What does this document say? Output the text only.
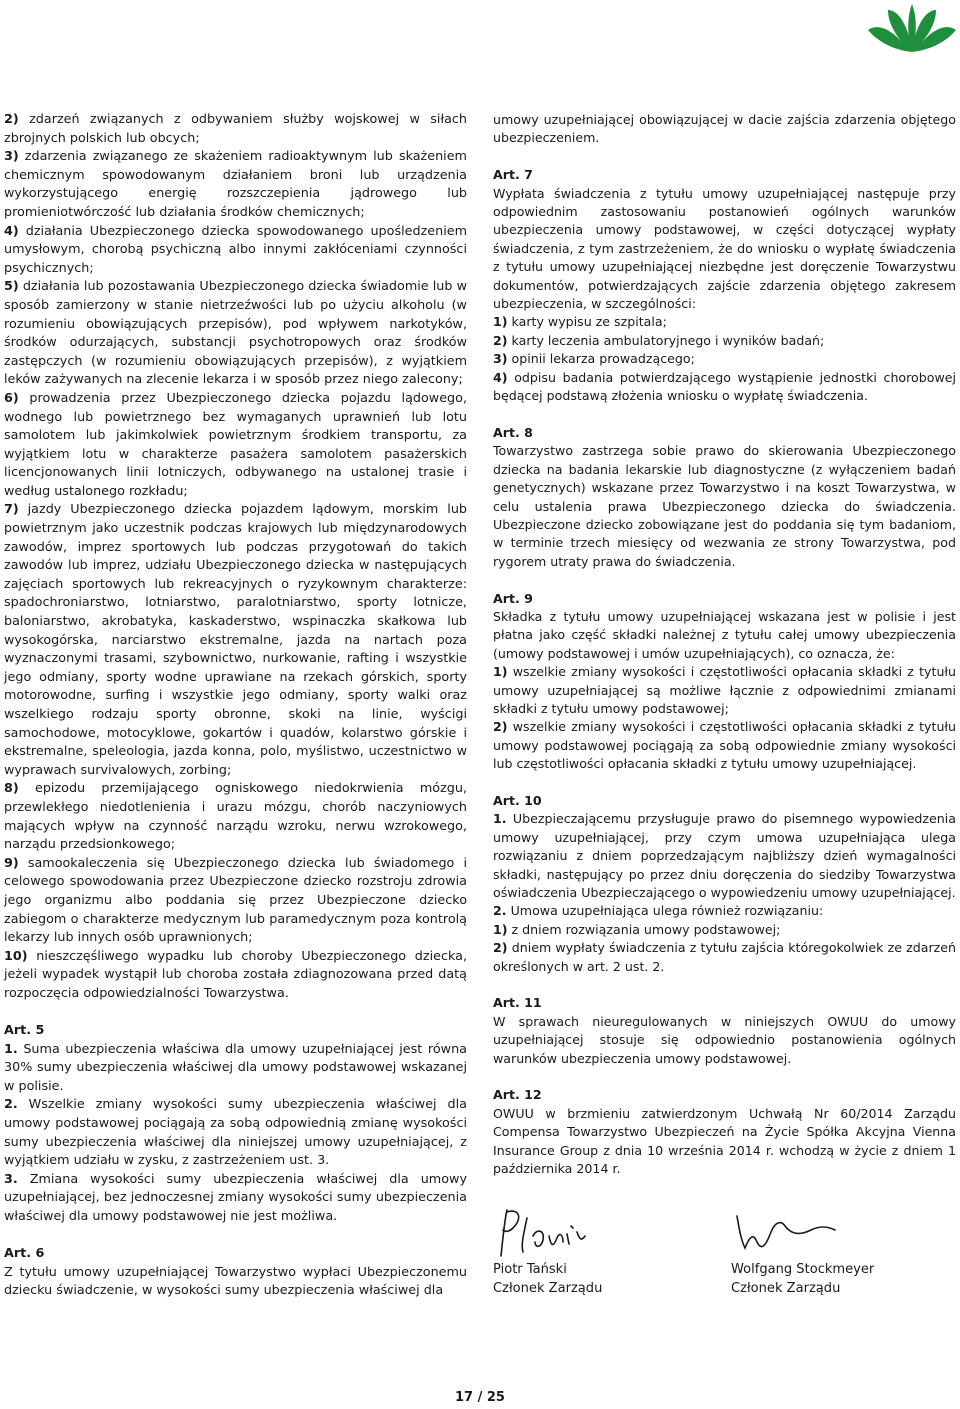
2) zdarzeń związanych z odbywaniem służby wojskowej w siłach zbrojnych polskich lub obcych;

3) zdarzenia związanego ze skażeniem radioaktywnym lub skażeniem chemicznym spowodowanym działaniem broni lub urządzenia wykorzystującego energię rozszczepienia jądrowego lub promieniotwórczość lub działania środków chemicznych;

4) działania Ubezpieczonego dziecka spowodowanego upośledzeniem umysłowym, chorobą psychiczną albo innymi zakłóceniami czynności psychicznych;

5) działania lub pozostawania Ubezpieczonego dziecka świadomie lub w sposób zamierzony w stanie nietrzeźwości lub po użyciu alkoholu (w rozumieniu obowiązujących przepisów), pod wpływem narkotyków, środków odurzających, substancji psychotropowych oraz środków zastępczych (w rozumieniu obowiązujących przepisów), z wyjątkiem leków zażywanych na zlecenie lekarza i w sposób przez niego zalecony;

6) prowadzenia przez Ubezpieczonego dziecka pojazdu lądowego, wodnego lub powietrznego bez wymaganych uprawnień lub lotu samolotem lub jakimkolwiek powietrznym środkiem transportu, za wyjątkiem lotu w charakterze pasażera samolotem pasażerskich licencjonowanych linii lotniczych, odbywanego na ustalonej trasie i według ustalonego rozkładu;

7) jazdy Ubezpieczonego dziecka pojazdem lądowym, morskim lub powietrznym jako uczestnik podczas krajowych lub międzynarodowych zawodów, imprez sportowych lub podczas przygotowań do takich zawodów lub imprez, udziału Ubezpieczonego dziecka w następujących zajęciach sportowych lub rekreacyjnych o ryzykownym charakterze: spadochroniarstwo, lotniarstwo, paralotniarstwo, sporty lotnicze, baloniarstwo, akrobatyka, kaskaderstwo, wspinaczka skałkowa lub wysokogórska, narciarstwo ekstremalne, jazda na nartach poza wyznaczonymi trasami, szybownictwo, nurkowanie, rafting i wszystkie jego odmiany, sporty wodne uprawiane na rzekach górskich, sporty motorowodne, surfing i wszystkie jego odmiany, sporty walki oraz wszelkiego rodzaju sporty obronne, skoki na linie, wyścigi samochodowe, motocyklowe, gokartów i quadów, kolarstwo górskie i ekstremalne, speleologia, jazda konna, polo, myślistwo, uczestnictwo w wyprawach survivalowych, zorbing;

8) epizodu przemijającego ogniskowego niedokrwienia mózgu, przewlekłego niedotlenienia i urazu mózgu, chorób naczyniowych mających wpływ na czynność narządu wzroku, nerwu wzrokowego, narządu przedsionkowego;

9) samookaleczenia się Ubezpieczonego dziecka lub świadomego i celowego spowodowania przez Ubezpieczone dziecko rozstroju zdrowia jego organizmu albo poddania się przez Ubezpieczone dziecko zabiegom o charakterze medycznym lub paramedycznym poza kontrolą lekarzy lub innych osób uprawnionych;

10) nieszczęśliwego wypadku lub choroby Ubezpieczonego dziecka, jeżeli wypadek wystąpił lub choroba została zdiagnozowana przed datą rozpoczęcia odpowiedzialności Towarzystwa.

Art. 5

1. Suma ubezpieczenia właściwa dla umowy uzupełniającej jest równa 30% sumy ubezpieczenia właściwej dla umowy podstawowej wskazanej w polisie.

2. Wszelkie zmiany wysokości sumy ubezpieczenia właściwej dla umowy podstawowej pociągają za sobą odpowiednią zmianę wysokości sumy ubezpieczenia właściwej dla niniejszej umowy uzupełniającej, z wyjątkiem udziału w zysku, z zastrzeżeniem ust. 3.

3. Zmiana wysokości sumy ubezpieczenia właściwej dla umowy uzupełniającej, bez jednoczesnej zmiany wysokości sumy ubezpieczenia właściwej dla umowy podstawowej nie jest możliwa.

Art. 6

Z tytułu umowy uzupełniającej Towarzystwo wypłaci Ubezpieczonemu dziecku świadczenie, w wysokości sumy ubezpieczenia właściwej dla

umowy uzupełniającej obowiązującej w dacie zajścia zdarzenia objętego ubezpieczeniem.

Art. 7

Wypłata świadczenia z tytułu umowy uzupełniającej następuje przy odpowiednim zastosowaniu postanowień ogólnych warunków ubezpieczenia umowy podstawowej, w części dotyczącej wypłaty świadczenia, z tym zastrzeżeniem, że do wniosku o wypłatę świadczenia z tytułu umowy uzupełniającej niezbędne jest doręczenie Towarzystwu dokumentów, potwierdzających zajście zdarzenia objętego zakresem ubezpieczenia, w szczególności:

1) karty wypisu ze szpitala;

2) karty leczenia ambulatoryjnego i wyników badań;

3) opinii lekarza prowadzącego;

4) odpisu badania potwierdzającego wystąpienie jednostki chorobowej będącej podstawą złożenia wniosku o wypłatę świadczenia.

Art. 8

Towarzystwo zastrzega sobie prawo do skierowania Ubezpieczonego dziecka na badania lekarskie lub diagnostyczne (z wyłączeniem badań genetycznych) wskazane przez Towarzystwo i na koszt Towarzystwa, w celu ustalenia prawa Ubezpieczonego dziecka do świadczenia. Ubezpieczone dziecko zobowiązane jest do poddania się tym badaniom, w terminie trzech miesięcy od wezwania ze strony Towarzystwa, pod rygorem utraty prawa do świadczenia.

Art. 9

Składka z tytułu umowy uzupełniającej wskazana jest w polisie i jest płatna jako część składki należnej z tytułu całej umowy ubezpieczenia (umowy podstawowej i umów uzupełniających), co oznacza, że:

1) wszelkie zmiany wysokości i częstotliwości opłacania składki z tytułu umowy uzupełniającej są możliwe łącznie z odpowiednimi zmianami składki z tytułu umowy podstawowej;

2) wszelkie zmiany wysokości i częstotliwości opłacania składki z tytułu umowy podstawowej pociągają za sobą odpowiednie zmiany wysokości lub częstotliwości opłacania składki z tytułu umowy uzupełniającej.

Art. 10

1. Ubezpieczającemu przysługuje prawo do pisemnego wypowiedzenia umowy uzupełniającej, przy czym umowa uzupełniająca ulega rozwiązaniu z dniem poprzedzającym najbliższy dzień wymagalności składki, następujący po przez dniu doręczenia do siedziby Towarzystwa oświadczenia Ubezpieczającego o wypowiedzeniu umowy uzupełniającej.

2. Umowa uzupełniająca ulega również rozwiązaniu:

1) z dniem rozwiązania umowy podstawowej;

2) dniem wypłaty świadczenia z tytułu zajścia któregokolwiek ze zdarzeń określonych w art. 2 ust. 2.

Art. 11

W sprawach nieuregulowanych w niniejszych OWUU do umowy uzupełniającej stosuje się odpowiednio postanowienia ogólnych warunków ubezpieczenia umowy podstawowej.

Art. 12

OWUU w brzmieniu zatwierdzonym Uchwałą Nr 60/2014 Zarządu Compensa Towarzystwo Ubezpieczeń na Życie Spółka Akcyjna Vienna Insurance Group z dnia 10 września 2014 r. wchodzą w życie z dniem 1 października 2014 r.

Piotr Tański
Członek Zarządu
Wolfgang Stockmeyer
Członek Zarządu
17 / 25
